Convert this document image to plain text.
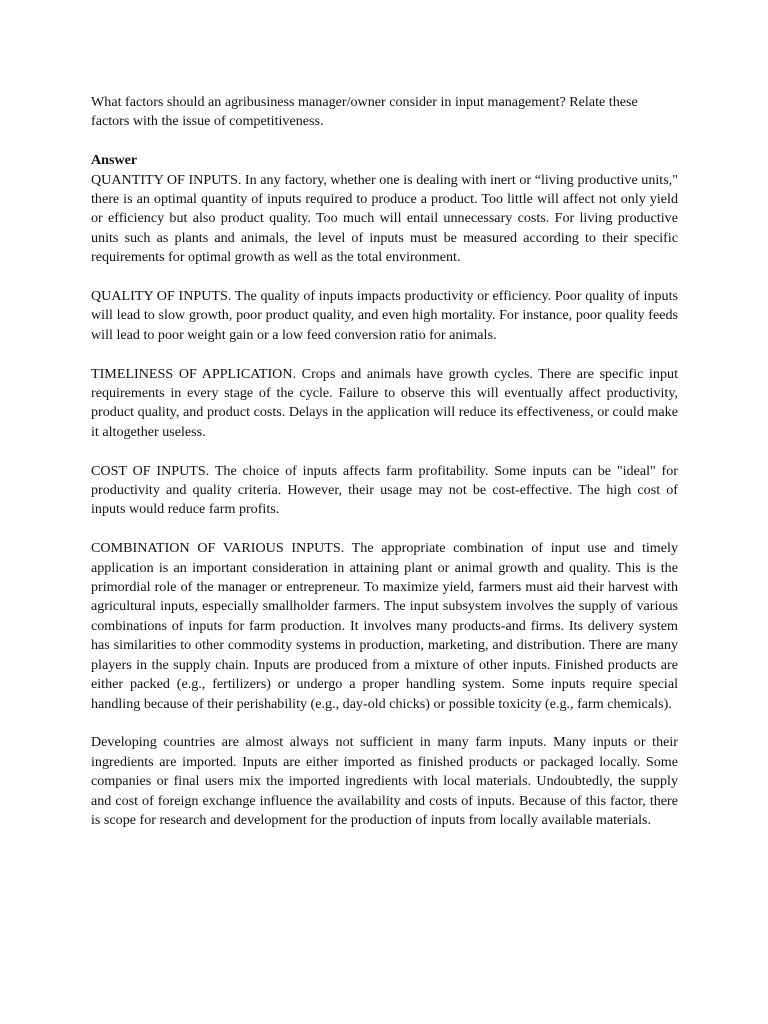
What factors should an agribusiness manager/owner consider in input management? Relate these factors with the issue of competitiveness.

Answer

QUANTITY OF INPUTS. In any factory, whether one is dealing with inert or “living productive units," there is an optimal quantity of inputs required to produce a product. Too little will affect not only yield or efficiency but also product quality. Too much will entail unnecessary costs. For living productive units such as plants and animals, the level of inputs must be measured according to their specific requirements for optimal growth as well as the total environment.

QUALITY OF INPUTS. The quality of inputs impacts productivity or efficiency. Poor quality of inputs will lead to slow growth, poor product quality, and even high mortality. For instance, poor quality feeds will lead to poor weight gain or a low feed conversion ratio for animals.

TIMELINESS OF APPLICATION. Crops and animals have growth cycles. There are specific input requirements in every stage of the cycle. Failure to observe this will eventually affect productivity, product quality, and product costs. Delays in the application will reduce its effectiveness, or could make it altogether useless.

COST OF INPUTS. The choice of inputs affects farm profitability. Some inputs can be "ideal" for productivity and quality criteria. However, their usage may not be cost-effective. The high cost of inputs would reduce farm profits.

COMBINATION OF VARIOUS INPUTS. The appropriate combination of input use and timely application is an important consideration in attaining plant or animal growth and quality. This is the primordial role of the manager or entrepreneur. To maximize yield, farmers must aid their harvest with agricultural inputs, especially smallholder farmers. The input subsystem involves the supply of various combinations of inputs for farm production. It involves many products-and firms. Its delivery system has similarities to other commodity systems in production, marketing, and distribution. There are many players in the supply chain. Inputs are produced from a mixture of other inputs. Finished products are either packed (e.g., fertilizers) or undergo a proper handling system. Some inputs require special handling because of their perishability (e.g., day-old chicks) or possible toxicity (e.g., farm chemicals).

Developing countries are almost always not sufficient in many farm inputs. Many inputs or their ingredients are imported. Inputs are either imported as finished products or packaged locally. Some companies or final users mix the imported ingredients with local materials. Undoubtedly, the supply and cost of foreign exchange influence the availability and costs of inputs. Because of this factor, there is scope for research and development for the production of inputs from locally available materials.
